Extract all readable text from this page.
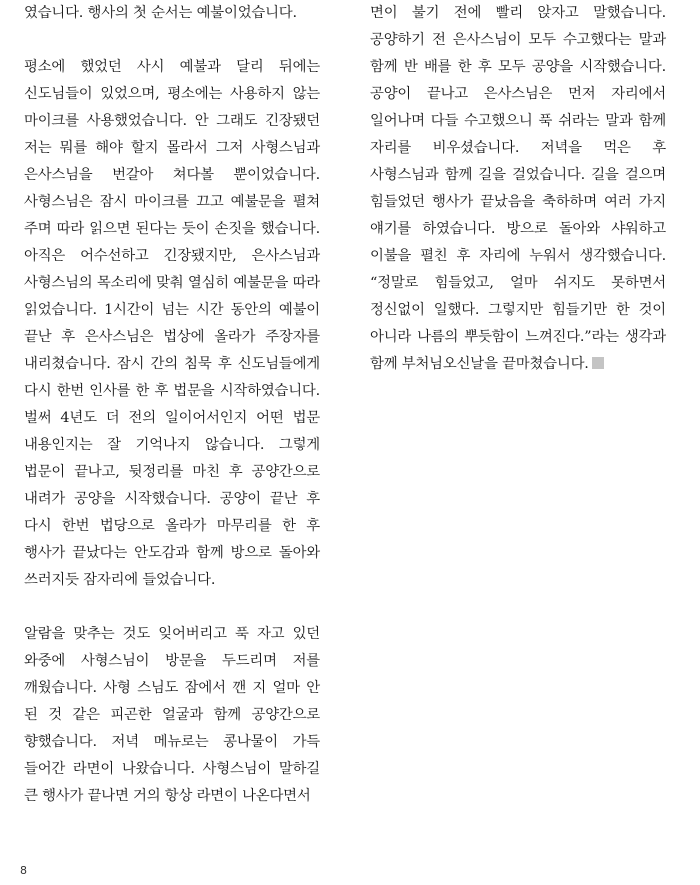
였습니다. 행사의 첫 순서는 예불이었습니다.

평소에 했었던 사시 예불과 달리 뒤에는 신도님들이 있었으며, 평소에는 사용하지 않는 마이크를 사용했었습니다. 안 그래도 긴장됐던 저는 뭐를 해야 할지 몰라서 그저 사형스님과 은사스님을 번갈아 쳐다볼 뿐이었습니다. 사형스님은 잠시 마이크를 끄고 예불문을 펼쳐 주며 따라 읽으면 된다는 듯이 손짓을 했습니다. 아직은 어수선하고 긴장됐지만, 은사스님과 사형스님의 목소리에 맞춰 열심히 예불문을 따라 읽었습니다. 1시간이 넘는 시간 동안의 예불이 끝난 후 은사스님은 법상에 올라가 주장자를 내리쳤습니다. 잠시 간의 침묵 후 신도님들에게 다시 한번 인사를 한 후 법문을 시작하였습니다. 벌써 4년도 더 전의 일이어서인지 어떤 법문 내용인지는 잘 기억나지 않습니다. 그렇게 법문이 끝나고, 뒷정리를 마친 후 공양간으로 내려가 공양을 시작했습니다. 공양이 끝난 후 다시 한번 법당으로 올라가 마무리를 한 후 행사가 끝났다는 안도감과 함께 방으로 돌아와 쓰러지듯 잠자리에 들었습니다.

알람을 맞추는 것도 잊어버리고 푹 자고 있던 와중에 사형스님이 방문을 두드리며 저를 깨웠습니다. 사형 스님도 잠에서 깬 지 얼마 안 된 것 같은 피곤한 얼굴과 함께 공양간으로 향했습니다. 저녁 메뉴로는 콩나물이 가득 들어간 라면이 나왔습니다. 사형스님이 말하길 큰 행사가 끝나면 거의 항상 라면이 나온다면서

면이 불기 전에 빨리 앉자고 말했습니다. 공양하기 전 은사스님이 모두 수고했다는 말과 함께 반 배를 한 후 모두 공양을 시작했습니다. 공양이 끝나고 은사스님은 먼저 자리에서 일어나며 다들 수고했으니 푹 쉬라는 말과 함께 자리를 비우셨습니다. 저녁을 먹은 후 사형스님과 함께 길을 걸었습니다. 길을 걸으며 힘들었던 행사가 끝났음을 축하하며 여러 가지 얘기를 하였습니다. 방으로 돌아와 샤워하고 이불을 펼친 후 자리에 누워서 생각했습니다. “정말로 힘들었고, 얼마 쉬지도 못하면서 정신없이 일했다. 그렇지만 힘들기만 한 것이 아니라 나름의 뿌듯함이 느껴진다.”라는 생각과 함께 부처님오신날을 끝마쳤습니다.

8
